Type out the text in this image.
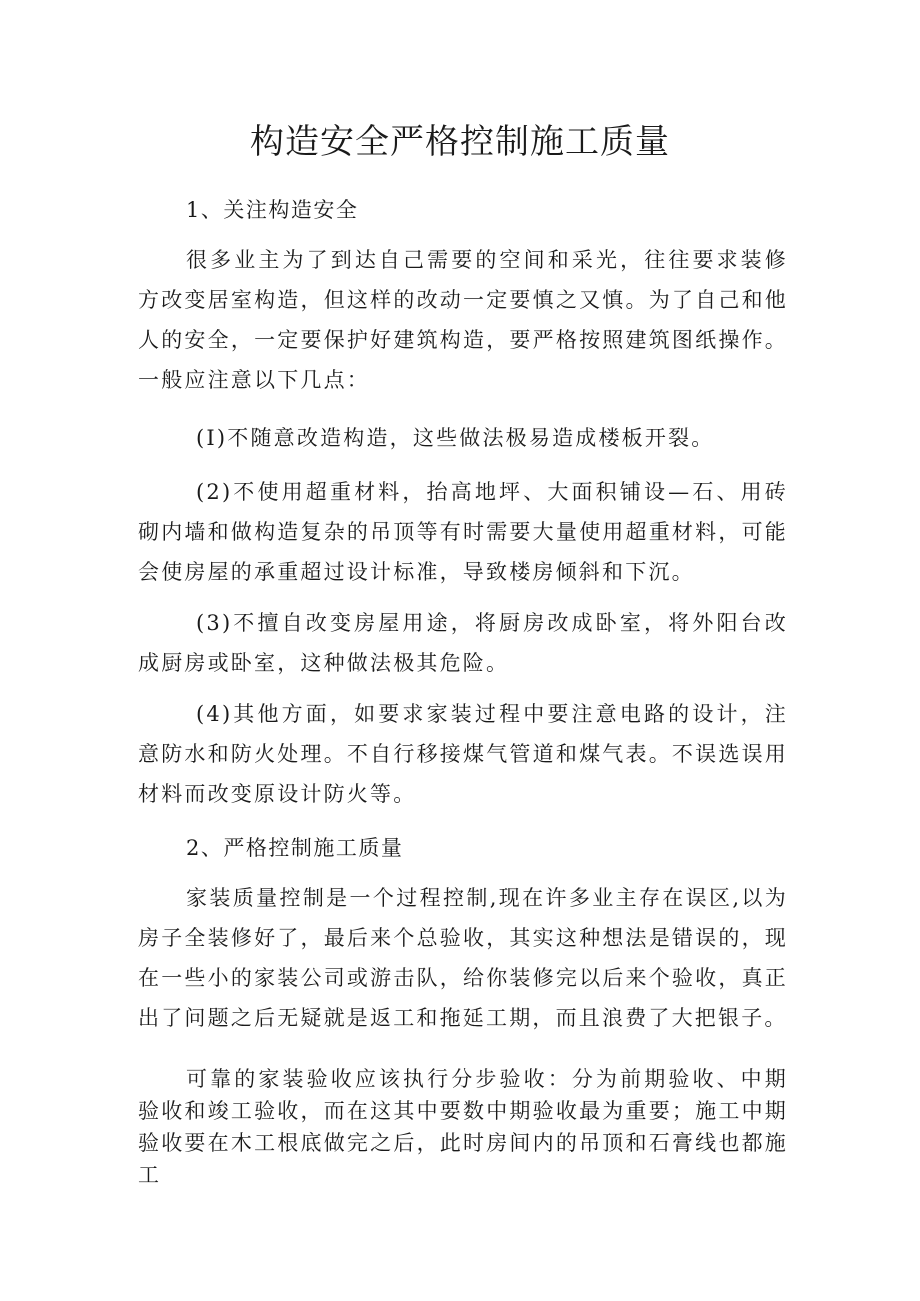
构造安全严格控制施工质量

1、关注构造安全

很多业主为了到达自己需要的空间和采光，往往要求装修方改变居室构造，但这样的改动一定要慎之又慎。为了自己和他人的安全，一定要保护好建筑构造，要严格按照建筑图纸操作。一般应注意以下几点：

(I)不随意改造构造，这些做法极易造成楼板开裂。

(2)不使用超重材料，抬高地坪、大面积铺设—石、用砖砌内墙和做构造复杂的吊顶等有时需要大量使用超重材料，可能会使房屋的承重超过设计标准，导致楼房倾斜和下沉。

(3)不擅自改变房屋用途，将厨房改成卧室，将外阳台改成厨房或卧室，这种做法极其危险。

(4)其他方面，如要求家装过程中要注意电路的设计，注意防水和防火处理。不自行移接煤气管道和煤气表。不误选误用材料而改变原设计防火等。

2、严格控制施工质量

家装质量控制是一个过程控制,现在许多业主存在误区,以为房子全装修好了，最后来个总验收，其实这种想法是错误的，现在一些小的家装公司或游击队，给你装修完以后来个验收，真正出了问题之后无疑就是返工和拖延工期，而且浪费了大把银子。

可靠的家装验收应该执行分步验收：分为前期验收、中期验收和竣工验收，而在这其中要数中期验收最为重要；施工中期验收要在木工根底做完之后，此时房间内的吊顶和石膏线也都施工
